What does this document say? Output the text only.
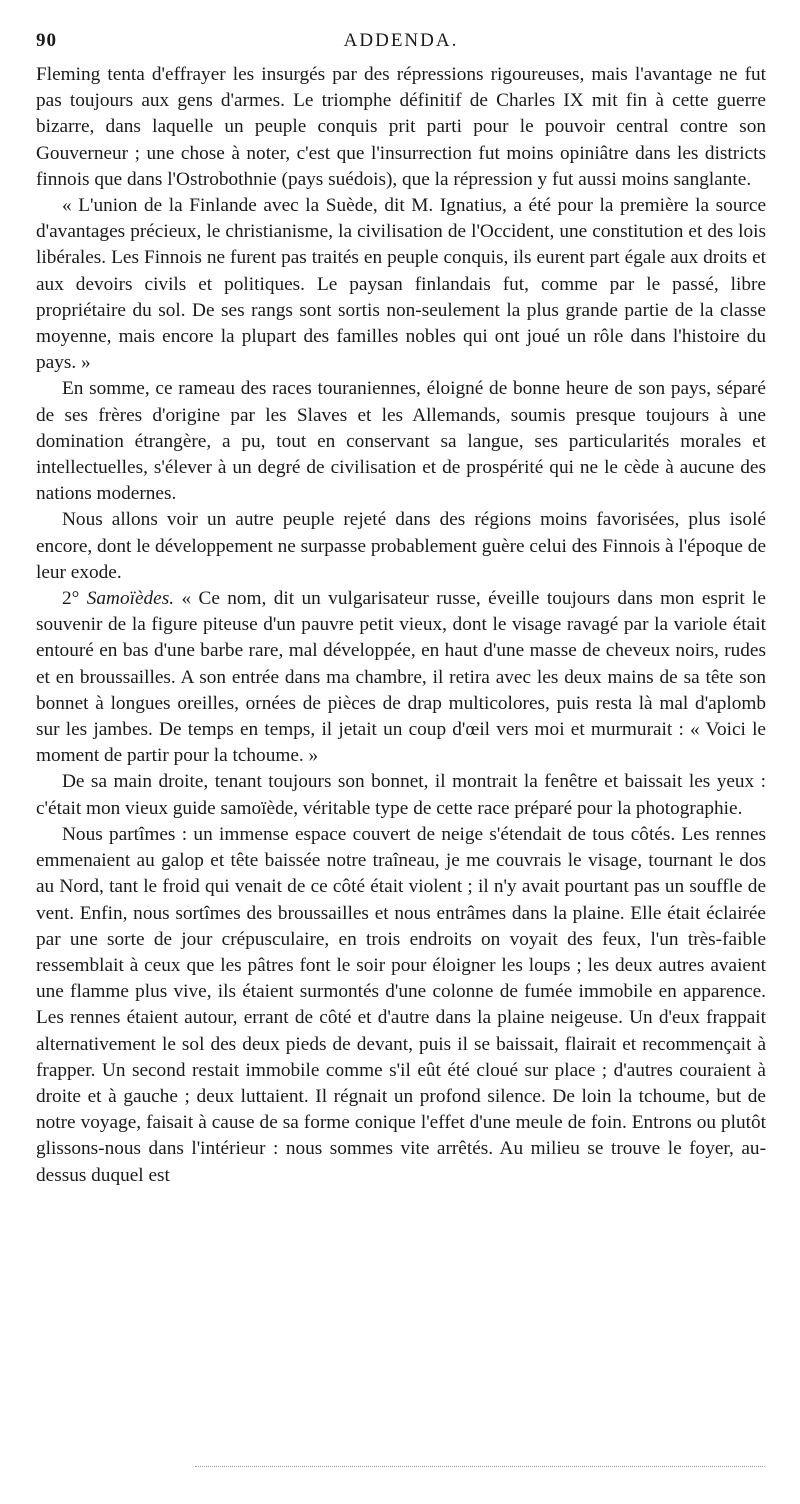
90	ADDENDA.

Fleming tenta d'effrayer les insurgés par des répressions rigoureuses, mais l'avantage ne fut pas toujours aux gens d'armes. Le triomphe définitif de Charles IX mit fin à cette guerre bizarre, dans laquelle un peuple conquis prit parti pour le pouvoir central contre son Gouverneur ; une chose à noter, c'est que l'insurrection fut moins opiniâtre dans les districts finnois que dans l'Ostrobothnie (pays suédois), que la répression y fut aussi moins sanglante.

« L'union de la Finlande avec la Suède, dit M. Ignatius, a été pour la première la source d'avantages précieux, le christianisme, la civilisation de l'Occident, une constitution et des lois libérales. Les Finnois ne furent pas traités en peuple conquis, ils eurent part égale aux droits et aux devoirs civils et politiques. Le paysan finlandais fut, comme par le passé, libre propriétaire du sol. De ses rangs sont sortis non-seulement la plus grande partie de la classe moyenne, mais encore la plupart des familles nobles qui ont joué un rôle dans l'histoire du pays. »

En somme, ce rameau des races touraniennes, éloigné de bonne heure de son pays, séparé de ses frères d'origine par les Slaves et les Allemands, soumis presque toujours à une domination étrangère, a pu, tout en conservant sa langue, ses particularités morales et intellectuelles, s'élever à un degré de civilisation et de prospérité qui ne le cède à aucune des nations modernes.

Nous allons voir un autre peuple rejeté dans des régions moins favorisées, plus isolé encore, dont le développement ne surpasse probablement guère celui des Finnois à l'époque de leur exode.

2° Samoïèdes. « Ce nom, dit un vulgarisateur russe, éveille toujours dans mon esprit le souvenir de la figure piteuse d'un pauvre petit vieux, dont le visage ravagé par la variole était entouré en bas d'une barbe rare, mal développée, en haut d'une masse de cheveux noirs, rudes et en broussailles. A son entrée dans ma chambre, il retira avec les deux mains de sa tête son bonnet à longues oreilles, ornées de pièces de drap multicolores, puis resta là mal d'aplomb sur les jambes. De temps en temps, il jetait un coup d'œil vers moi et murmurait : « Voici le moment de partir pour la tchoume. »

De sa main droite, tenant toujours son bonnet, il montrait la fenêtre et baissait les yeux : c'était mon vieux guide samoïède, véritable type de cette race préparé pour la photographie.

Nous partîmes : un immense espace couvert de neige s'étendait de tous côtés. Les rennes emmenaient au galop et tête baissée notre traîneau, je me couvrais le visage, tournant le dos au Nord, tant le froid qui venait de ce côté était violent ; il n'y avait pourtant pas un souffle de vent. Enfin, nous sortîmes des broussailles et nous entrâmes dans la plaine. Elle était éclairée par une sorte de jour crépusculaire, en trois endroits on voyait des feux, l'un très-faible ressemblait à ceux que les pâtres font le soir pour éloigner les loups ; les deux autres avaient une flamme plus vive, ils étaient surmontés d'une colonne de fumée immobile en apparence. Les rennes étaient autour, errant de côté et d'autre dans la plaine neigeuse. Un d'eux frappait alternativement le sol des deux pieds de devant, puis il se baissait, flairait et recommençait à frapper. Un second restait immobile comme s'il eût été cloué sur place ; d'autres couraient à droite et à gauche ; deux luttaient. Il régnait un profond silence. De loin la tchoume, but de notre voyage, faisait à cause de sa forme conique l'effet d'une meule de foin. Entrons ou plutôt glissons-nous dans l'intérieur : nous sommes vite arrêtés. Au milieu se trouve le foyer, au-dessus duquel est
